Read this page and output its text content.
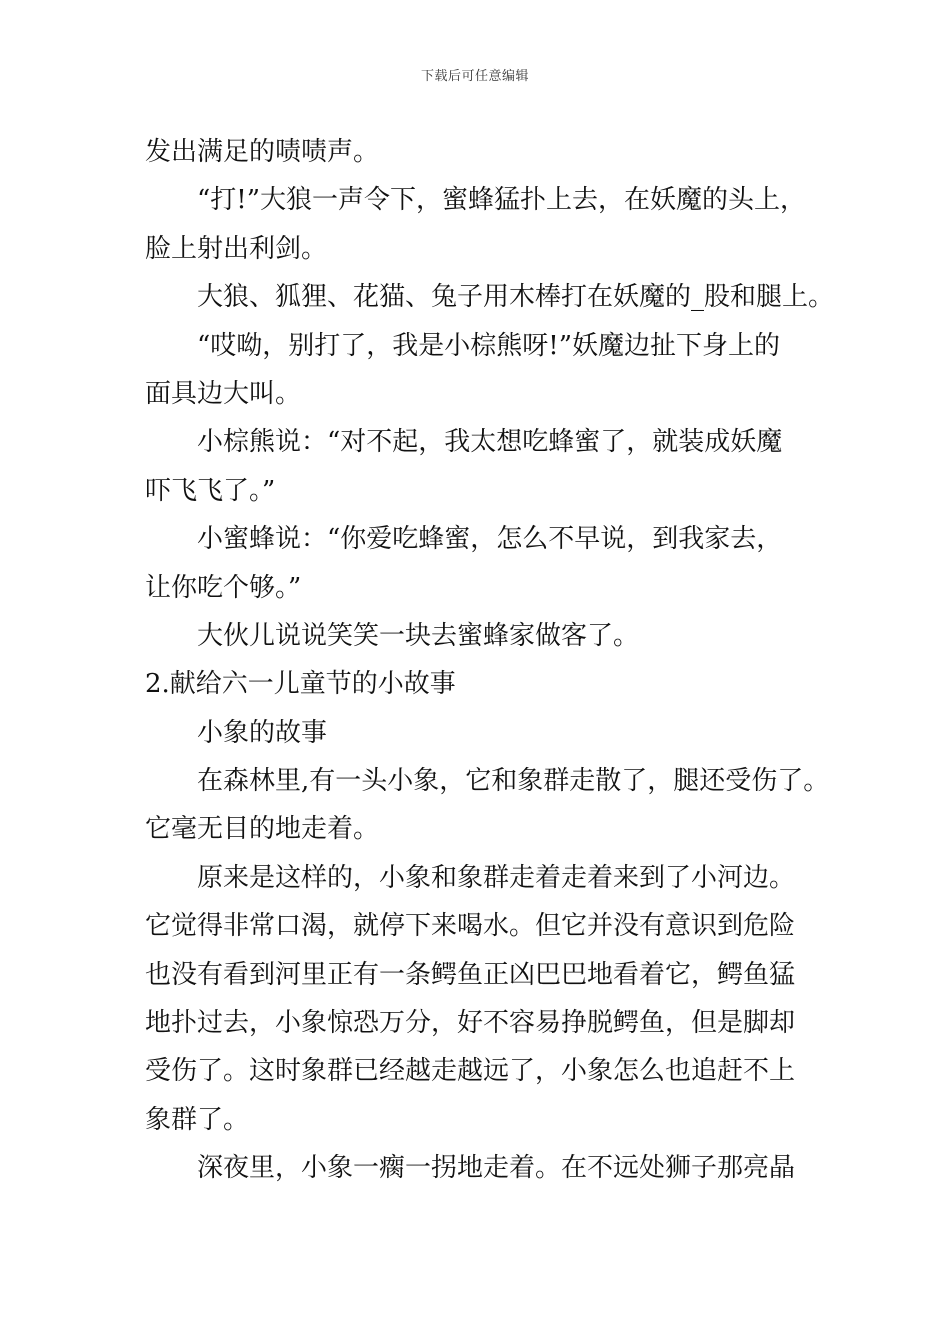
下载后可任意编辑
发出满足的啧啧声。
“打!”大狼一声令下，蜜蜂猛扑上去，在妖魔的头上，
脸上射出利剑。
大狼、狐狸、花猫、兔子用木棒打在妖魔的_股和腿上。
“哎呦，别打了，我是小棕熊呀!”妖魔边扯下身上的
面具边大叫。
小棕熊说：“对不起，我太想吃蜂蜜了，就装成妖魔
吓飞飞了。”
小蜜蜂说：“你爱吃蜂蜜，怎么不早说，到我家去，
让你吃个够。”
大伙儿说说笑笑一块去蜜蜂家做客了。
2.献给六一儿童节的小故事
小象的故事
在森林里,有一头小象，它和象群走散了，腿还受伤了。
它毫无目的地走着。
原来是这样的，小象和象群走着走着来到了小河边。
它觉得非常口渴，就停下来喝水。但它并没有意识到危险
也没有看到河里正有一条鳄鱼正凶巴巴地看着它，鳄鱼猛
地扑过去，小象惊恐万分，好不容易挣脱鳄鱼，但是脚却
受伤了。这时象群已经越走越远了，小象怎么也追赶不上
象群了。
深夜里，小象一瘸一拐地走着。在不远处狮子那亮晶
